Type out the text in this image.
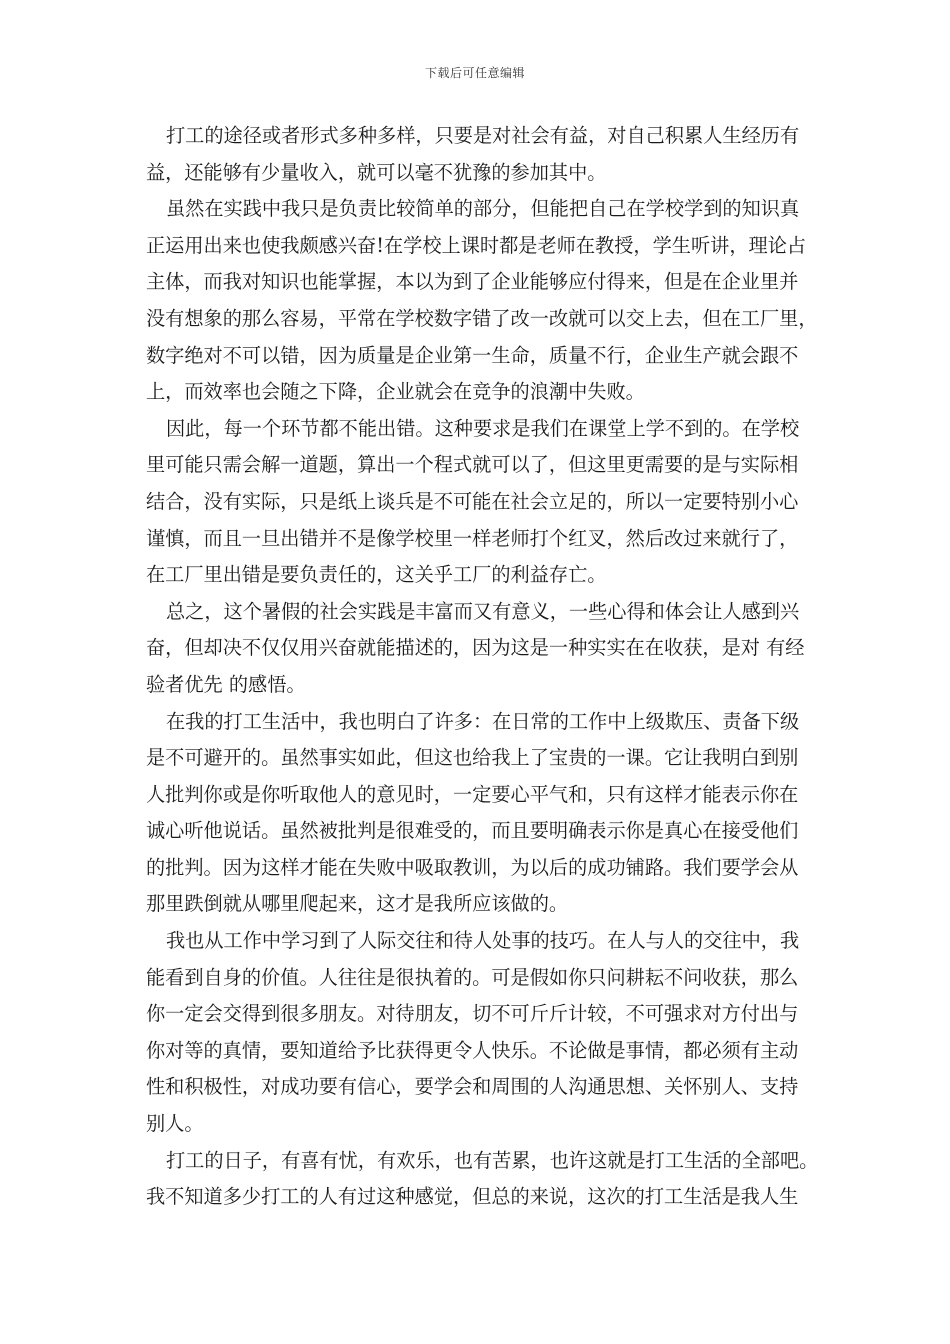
下载后可任意编辑

打工的途径或者形式多种多样，只要是对社会有益，对自己积累人生经历有
益，还能够有少量收入，就可以毫不犹豫的参加其中。

虽然在实践中我只是负责比较简单的部分，但能把自己在学校学到的知识真
正运用出来也使我颇感兴奋!在学校上课时都是老师在教授，学生听讲，理论占
主体，而我对知识也能掌握，本以为到了企业能够应付得来，但是在企业里并
没有想象的那么容易，平常在学校数字错了改一改就可以交上去，但在工厂里，
数字绝对不可以错，因为质量是企业第一生命，质量不行，企业生产就会跟不
上，而效率也会随之下降，企业就会在竞争的浪潮中失败。

因此，每一个环节都不能出错。这种要求是我们在课堂上学不到的。在学校
里可能只需会解一道题，算出一个程式就可以了，但这里更需要的是与实际相
结合，没有实际，只是纸上谈兵是不可能在社会立足的，所以一定要特别小心
谨慎，而且一旦出错并不是像学校里一样老师打个红叉，然后改过来就行了，
在工厂里出错是要负责任的，这关乎工厂的利益存亡。

总之，这个暑假的社会实践是丰富而又有意义，一些心得和体会让人感到兴
奋，但却决不仅仅用兴奋就能描述的，因为这是一种实实在在收获，是对 有经
验者优先 的感悟。

在我的打工生活中，我也明白了许多：在日常的工作中上级欺压、责备下级
是不可避开的。虽然事实如此，但这也给我上了宝贵的一课。它让我明白到别
人批判你或是你听取他人的意见时，一定要心平气和，只有这样才能表示你在
诚心听他说话。虽然被批判是很难受的，而且要明确表示你是真心在接受他们
的批判。因为这样才能在失败中吸取教训，为以后的成功铺路。我们要学会从
那里跌倒就从哪里爬起来，这才是我所应该做的。

我也从工作中学习到了人际交往和待人处事的技巧。在人与人的交往中，我
能看到自身的价值。人往往是很执着的。可是假如你只问耕耘不问收获，那么
你一定会交得到很多朋友。对待朋友，切不可斤斤计较，不可强求对方付出与
你对等的真情，要知道给予比获得更令人快乐。不论做是事情，都必须有主动
性和积极性，对成功要有信心，要学会和周围的人沟通思想、关怀别人、支持
别人。

打工的日子，有喜有忧，有欢乐，也有苦累，也许这就是打工生活的全部吧。
我不知道多少打工的人有过这种感觉，但总的来说，这次的打工生活是我人生
